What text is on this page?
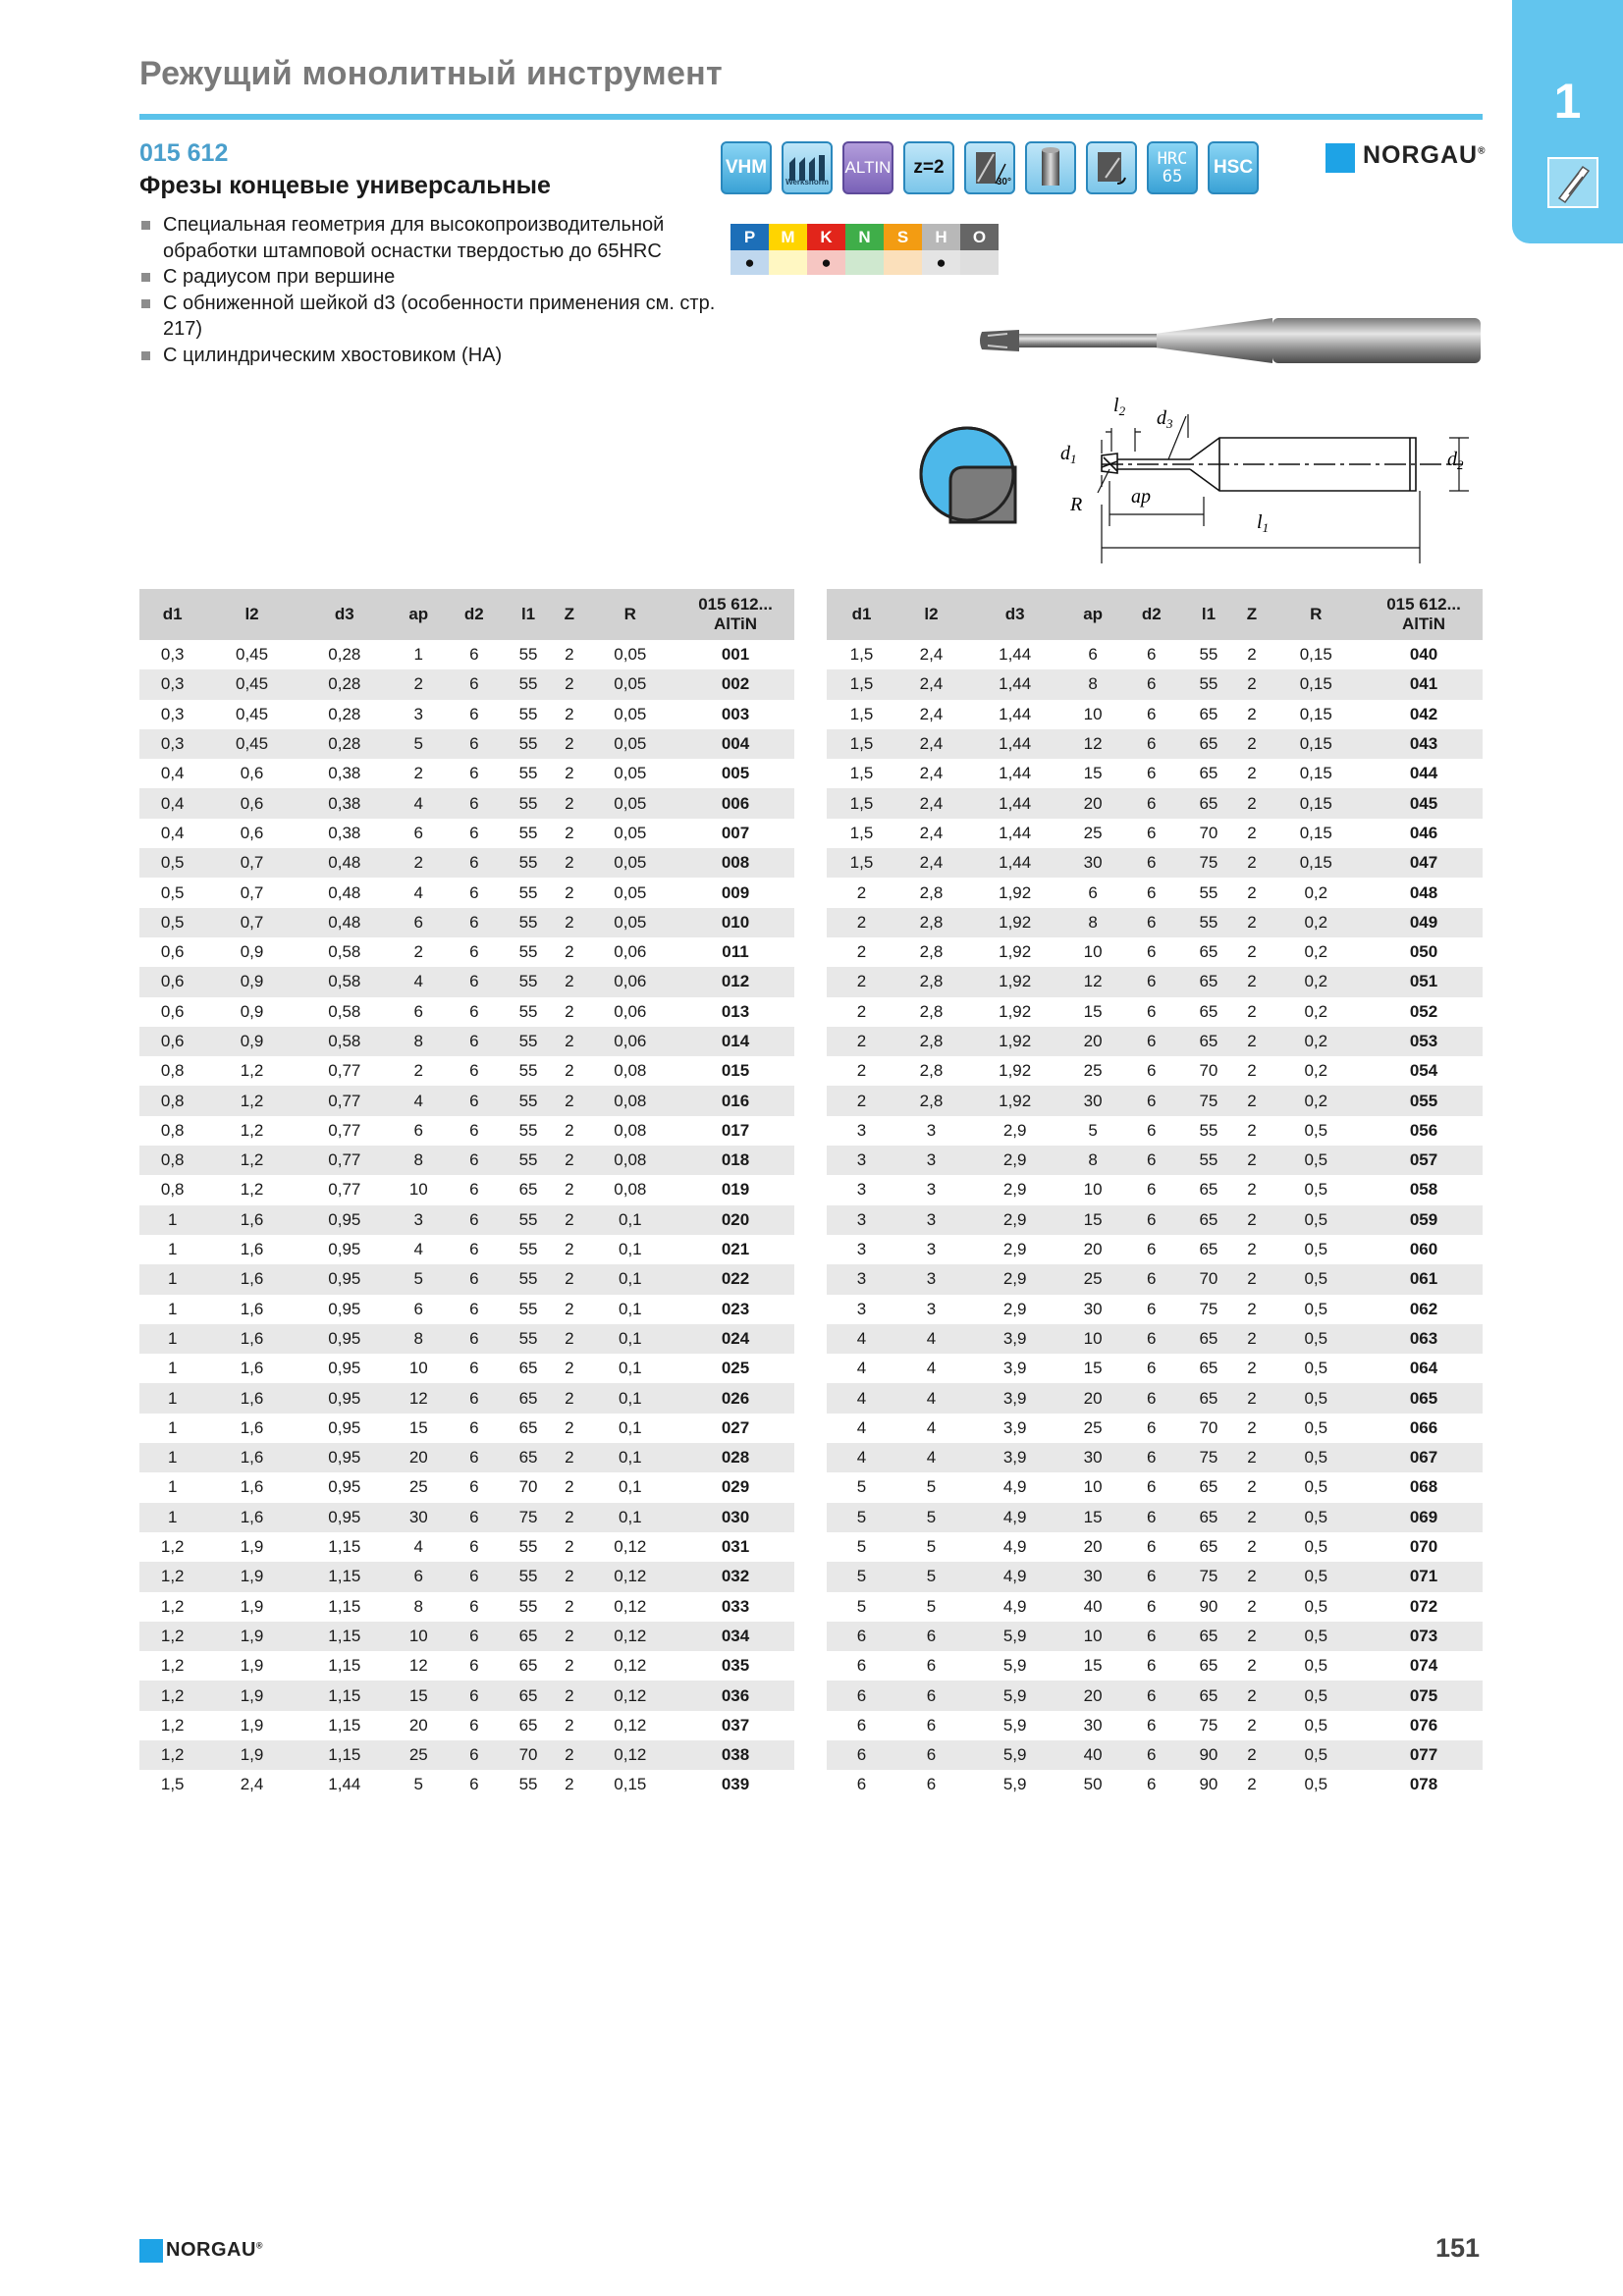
Режущий монолитный инструмент	1
015 612
Фрезы концевые универсальные
Специальная геометрия для высокопроизводительной обработки штамповой оснастки твердостью до 65HRC
С радиусом при вершине
С обниженной шейкой d3 (особенности применения см. стр. 217)
С цилиндрическим хвостовиком (HA)
VHM
Werksnorm
ALTIN z=2
30°
HRC 65	HSC	NORGAU®
P
●
M	K
●
N	S	H
●
O
$l_2$ $d_3$
$d_1$	$d_2$
R ap
$l_1$
d1	l2	d3	ap	d2	l1	Z	R	015 612...
AlTiN

0,3	0,45	0,28	1	6	55	2	0,05	001
0,3	0,45	0,28	2	6	55	2	0,05	002
0,3	0,45	0,28	3	6	55	2	0,05	003
0,3	0,45	0,28	5	6	55	2	0,05	004
0,4	0,6	0,38	2	6	55	2	0,05	005
0,4	0,6	0,38	4	6	55	2	0,05	006
0,4	0,6	0,38	6	6	55	2	0,05	007
0,5	0,7	0,48	2	6	55	2	0,05	008
0,5	0,7	0,48	4	6	55	2	0,05	009
0,5	0,7	0,48	6	6	55	2	0,05	010
0,6	0,9	0,58	2	6	55	2	0,06	011
0,6	0,9	0,58	4	6	55	2	0,06	012
0,6	0,9	0,58	6	6	55	2	0,06	013
0,6	0,9	0,58	8	6	55	2	0,06	014
0,8	1,2	0,77	2	6	55	2	0,08	015
0,8	1,2	0,77	4	6	55	2	0,08	016
0,8	1,2	0,77	6	6	55	2	0,08	017
0,8	1,2	0,77	8	6	55	2	0,08	018
0,8	1,2	0,77	10	6	65	2	0,08	019
1	1,6	0,95	3	6	55	2	0,1	020
1	1,6	0,95	4	6	55	2	0,1	021
1	1,6	0,95	5	6	55	2	0,1	022
1	1,6	0,95	6	6	55	2	0,1	023
1	1,6	0,95	8	6	55	2	0,1	024
1	1,6	0,95	10	6	65	2	0,1	025
1	1,6	0,95	12	6	65	2	0,1	026
1	1,6	0,95	15	6	65	2	0,1	027
1	1,6	0,95	20	6	65	2	0,1	028
1	1,6	0,95	25	6	70	2	0,1	029
1	1,6	0,95	30	6	75	2	0,1	030
1,2	1,9	1,15	4	6	55	2	0,12	031
1,2	1,9	1,15	6	6	55	2	0,12	032
1,2	1,9	1,15	8	6	55	2	0,12	033
1,2	1,9	1,15	10	6	65	2	0,12	034
1,2	1,9	1,15	12	6	65	2	0,12	035
1,2	1,9	1,15	15	6	65	2	0,12	036
1,2	1,9	1,15	20	6	65	2	0,12	037
1,2	1,9	1,15	25	6	70	2	0,12	038
1,5	2,4	1,44	5	6	55	2	0,15	039
d1	l2	d3	ap	d2	l1	Z	R	015 612...
AlTiN

1,5	2,4	1,44	6	6	55	2	0,15	040
1,5	2,4	1,44	8	6	55	2	0,15	041
1,5	2,4	1,44	10	6	65	2	0,15	042
1,5	2,4	1,44	12	6	65	2	0,15	043
1,5	2,4	1,44	15	6	65	2	0,15	044
1,5	2,4	1,44	20	6	65	2	0,15	045
1,5	2,4	1,44	25	6	70	2	0,15	046
1,5	2,4	1,44	30	6	75	2	0,15	047
2	2,8	1,92	6	6	55	2	0,2	048
2	2,8	1,92	8	6	55	2	0,2	049
2	2,8	1,92	10	6	65	2	0,2	050
2	2,8	1,92	12	6	65	2	0,2	051
2	2,8	1,92	15	6	65	2	0,2	052
2	2,8	1,92	20	6	65	2	0,2	053
2	2,8	1,92	25	6	70	2	0,2	054
2	2,8	1,92	30	6	75	2	0,2	055
3	3	2,9	5	6	55	2	0,5	056
3	3	2,9	8	6	55	2	0,5	057
3	3	2,9	10	6	65	2	0,5	058
3	3	2,9	15	6	65	2	0,5	059
3	3	2,9	20	6	65	2	0,5	060
3	3	2,9	25	6	70	2	0,5	061
3	3	2,9	30	6	75	2	0,5	062
4	4	3,9	10	6	65	2	0,5	063
4	4	3,9	15	6	65	2	0,5	064
4	4	3,9	20	6	65	2	0,5	065
4	4	3,9	25	6	70	2	0,5	066
4	4	3,9	30	6	75	2	0,5	067
5	5	4,9	10	6	65	2	0,5	068
5	5	4,9	15	6	65	2	0,5	069
5	5	4,9	20	6	65	2	0,5	070
5	5	4,9	30	6	75	2	0,5	071
5	5	4,9	40	6	90	2	0,5	072
6	6	5,9	10	6	65	2	0,5	073
6	6	5,9	15	6	65	2	0,5	074
6	6	5,9	20	6	65	2	0,5	075
6	6	5,9	30	6	75	2	0,5	076
6	6	5,9	40	6	90	2	0,5	077
6	6	5,9	50	6	90	2	0,5	078
NORGAU®	151
